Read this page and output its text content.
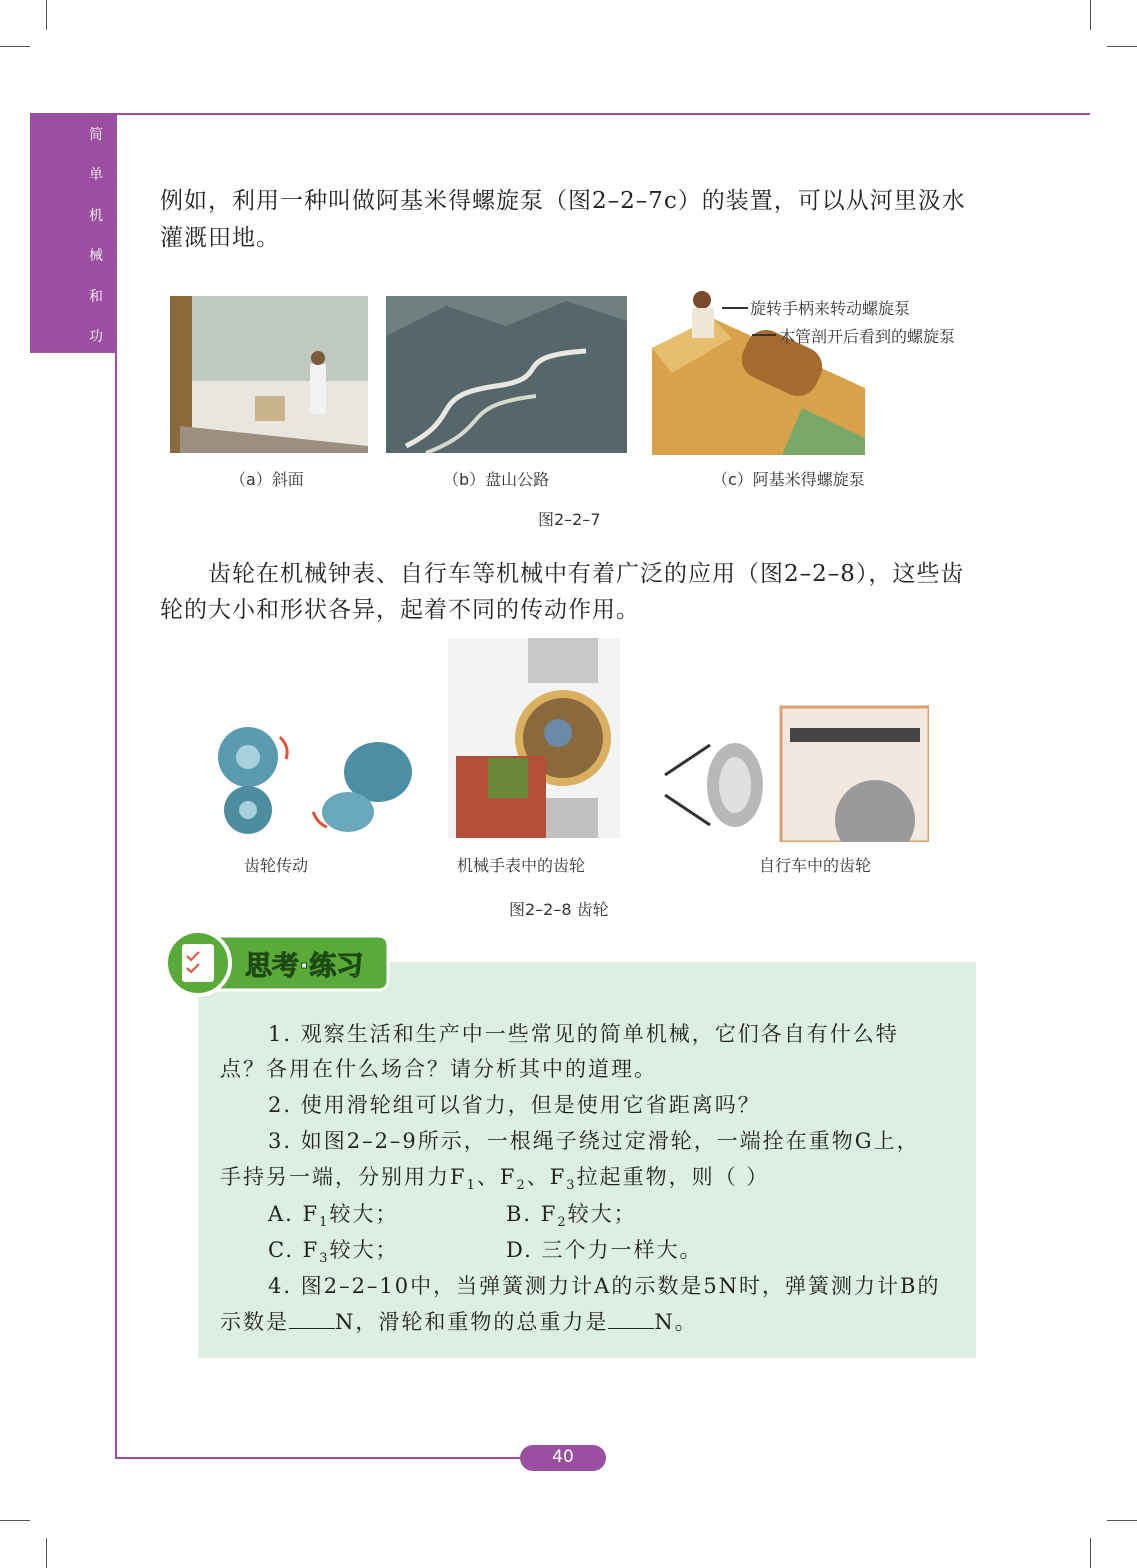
简
单
机
械
和
功
例如，利用一种叫做阿基米得螺旋泵（图2–2–7c）的装置，可以从河里汲水
灌溉田地。
旋转手柄来转动螺旋泵
木管剖开后看到的螺旋泵
（a）斜面	（b）盘山公路	（c）阿基米得螺旋泵
图2–2–7
齿轮在机械钟表、自行车等机械中有着广泛的应用（图2–2–8），这些齿
轮的大小和形状各异，起着不同的传动作用。
齿轮传动	机械手表中的齿轮	自行车中的齿轮
图2–2–8 齿轮
思考·练习
1. 观察生活和生产中一些常见的简单机械，它们各自有什么特
点？各用在什么场合？请分析其中的道理。
2. 使用滑轮组可以省力，但是使用它省距离吗？
3. 如图2–2–9所示，一根绳子绕过定滑轮，一端拴在重物G上，
手持另一端，分别用力$F_1$、$F_2$、$F_3$拉起重物，则（ ）
A. $F_1$较大；	B. $F_2$较大；
C. $F_3$较大；	D. 三个力一样大。
4. 图2–2–10中，当弹簧测力计A的示数是5N时，弹簧测力计B的
示数是 N，滑轮和重物的总重力是 N。
40
